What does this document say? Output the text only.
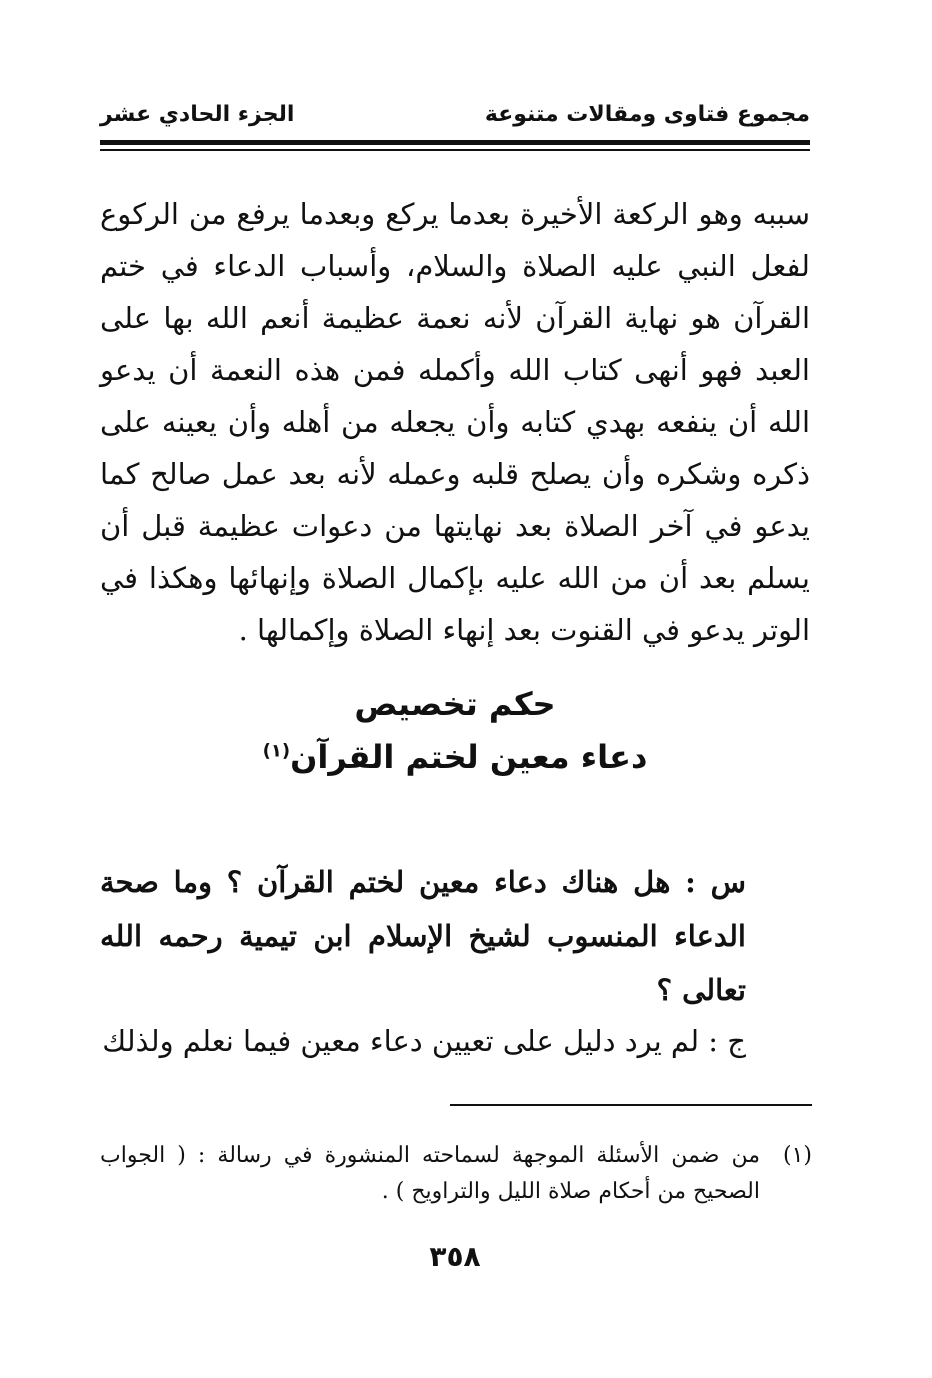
مجموع فتاوى ومقالات متنوعة
الجزء الحادي عشر
سببه وهو الركعة الأخيرة بعدما يركع وبعدما يرفع من الركوع لفعل النبي عليه الصلاة والسلام، وأسباب الدعاء في ختم القرآن هو نهاية القرآن لأنه نعمة عظيمة أنعم الله بها على العبد فهو أنهى كتاب الله وأكمله فمن هذه النعمة أن يدعو الله أن ينفعه بهدي كتابه وأن يجعله من أهله وأن يعينه على ذكره وشكره وأن يصلح قلبه وعمله لأنه بعد عمل صالح كما يدعو في آخر الصلاة بعد نهايتها من دعوات عظيمة قبل أن يسلم بعد أن من الله عليه بإكمال الصلاة وإنهائها وهكذا في الوتر يدعو في القنوت بعد إنهاء الصلاة وإكمالها .
حكم تخصيص
دعاء معين لختم القرآن$^{(١)}$
س : هل هناك دعاء معين لختم القرآن ؟ وما صحة الدعاء المنسوب لشيخ الإسلام ابن تيمية رحمه الله تعالى ؟
ج : لم يرد دليل على تعيين دعاء معين فيما نعلم ولذلك
(١)
من ضمن الأسئلة الموجهة لسماحته المنشورة في رسالة : ( الجواب الصحيح من أحكام صلاة الليل والتراويح ) .
٣٥٨
